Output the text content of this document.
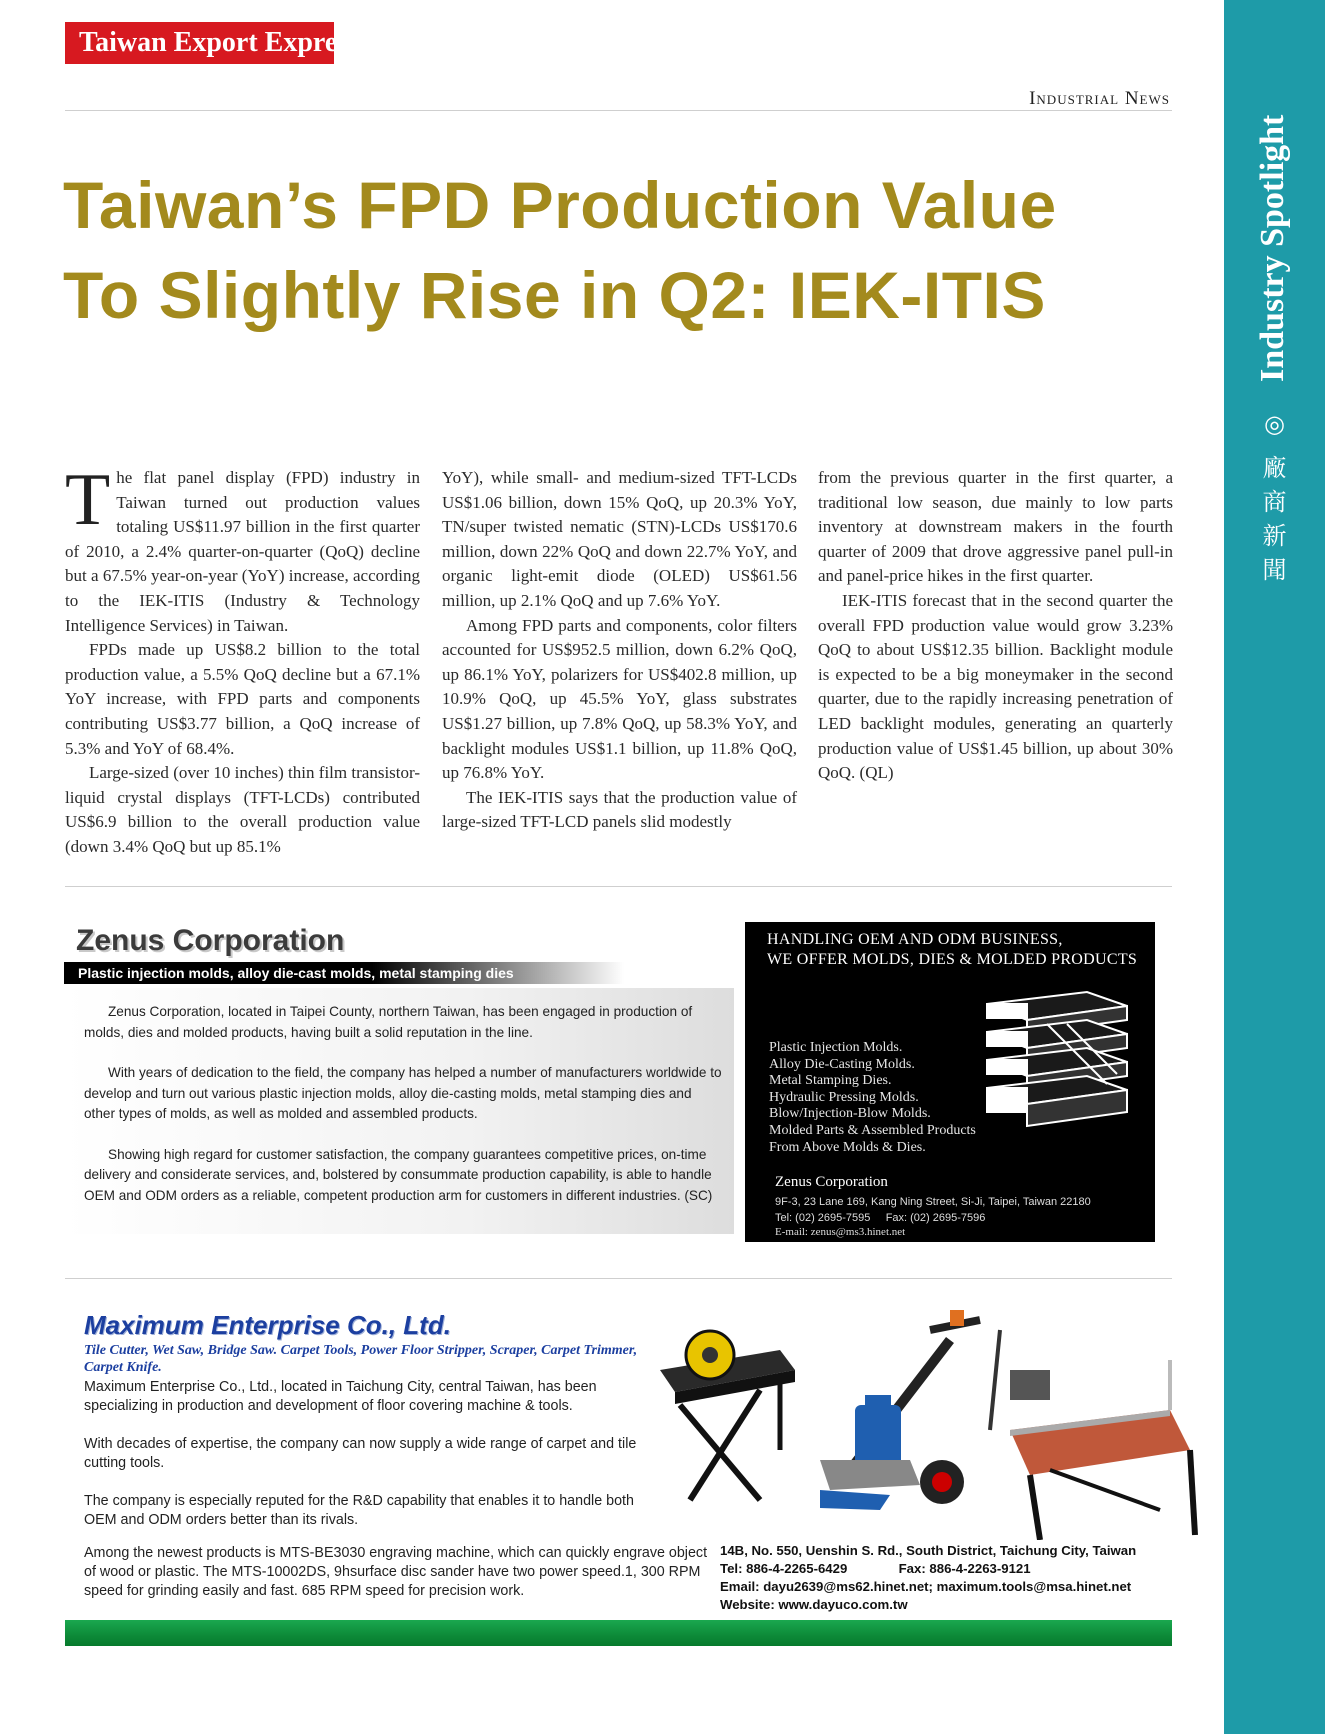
Taiwan Export Express
Industrial News
Industry Spotlight
◎
廠
商
新
聞
Taiwan’s FPD Production Value
To Slightly Rise in Q2: IEK-ITIS

The flat panel display (FPD) industry in Taiwan turned out production values totaling US$11.97 billion in the first quarter of 2010, a 2.4% quarter-on-quarter (QoQ) decline but a 67.5% year-on-year (YoY) increase, according to the IEK-ITIS (Industry & Technology Intelligence Services) in Taiwan.

FPDs made up US$8.2 billion to the total production value, a 5.5% QoQ decline but a 67.1% YoY increase, with FPD parts and components contributing US$3.77 billion, a QoQ increase of 5.3% and YoY of 68.4%.

Large-sized (over 10 inches) thin film transistor-liquid crystal displays (TFT-LCDs) contributed US$6.9 billion to the overall production value (down 3.4% QoQ but up 85.1%

YoY), while small- and medium-sized TFT-LCDs US$1.06 billion, down 15% QoQ, up 20.3% YoY, TN/super twisted nematic (STN)-LCDs US$170.6 million, down 22% QoQ and down 22.7% YoY, and organic light-emit diode (OLED) US$61.56 million, up 2.1% QoQ and up 7.6% YoY.

Among FPD parts and components, color filters accounted for US$952.5 million, down 6.2% QoQ, up 86.1% YoY, polarizers for US$402.8 million, up 10.9% QoQ, up 45.5% YoY, glass substrates US$1.27 billion, up 7.8% QoQ, up 58.3% YoY, and backlight modules US$1.1 billion, up 11.8% QoQ, up 76.8% YoY.

The IEK-ITIS says that the production value of large-sized TFT-LCD panels slid modestly

from the previous quarter in the first quarter, a traditional low season, due mainly to low parts inventory at downstream makers in the fourth quarter of 2009 that drove aggressive panel pull-in and panel-price hikes in the first quarter.

IEK-ITIS forecast that in the second quarter the overall FPD production value would grow 3.23% QoQ to about US$12.35 billion. Backlight module is expected to be a big moneymaker in the second quarter, due to the rapidly increasing penetration of LED backlight modules, generating an quarterly production value of US$1.45 billion, up about 30% QoQ. (QL)

Zenus Corporation
Plastic injection molds, alloy die-cast molds, metal stamping dies

Zenus Corporation, located in Taipei County, northern Taiwan, has been engaged in production of molds, dies and molded products, having built a solid reputation in the line.

With years of dedication to the field, the company has helped a number of manufacturers worldwide to develop and turn out various plastic injection molds, alloy die-casting molds, metal stamping dies and other types of molds, as well as molded and assembled products.

Showing high regard for customer satisfaction, the company guarantees competitive prices, on-time delivery and considerate services, and, bolstered by consummate production capability, is able to handle OEM and ODM orders as a reliable, competent production arm for customers in different industries. (SC)

HANDLING OEM AND ODM BUSINESS,
WE OFFER MOLDS, DIES & MOLDED PRODUCTS
Plastic Injection Molds.
Alloy Die-Casting Molds.
Metal Stamping Dies.
Hydraulic Pressing Molds.
Blow/Injection-Blow Molds.
Molded Parts & Assembled Products
From Above Molds & Dies.
Zenus Corporation
9F-3, 23 Lane 169, Kang Ning Street, Si-Ji, Taipei, Taiwan 22180
Tel: (02) 2695-7595 Fax: (02) 2695-7596
E-mail: zenus@ms3.hinet.net
Maximum Enterprise Co., Ltd.
Tile Cutter, Wet Saw, Bridge Saw. Carpet Tools, Power Floor Stripper, Scraper, Carpet Trimmer, Carpet Knife.

Maximum Enterprise Co., Ltd., located in Taichung City, central Taiwan, has been specializing in production and development of floor covering machine & tools.

With decades of expertise, the company can now supply a wide range of carpet and tile cutting tools.

The company is especially reputed for the R&D capability that enables it to handle both OEM and ODM orders better than its rivals.

Among the newest products is MTS-BE3030 engraving machine, which can quickly engrave object of wood or plastic. The MTS-10002DS, 9hsurface disc sander have two power speed.1, 300 RPM speed for grinding easily and fast. 685 RPM speed for precision work.
14B, No. 550, Uenshin S. Rd., South District, Taichung City, Taiwan
Tel: 886-4-2265-6429	Fax: 886-4-2263-9121
Email: dayu2639@ms62.hinet.net; maximum.tools@msa.hinet.net
Website: www.dayuco.com.tw
